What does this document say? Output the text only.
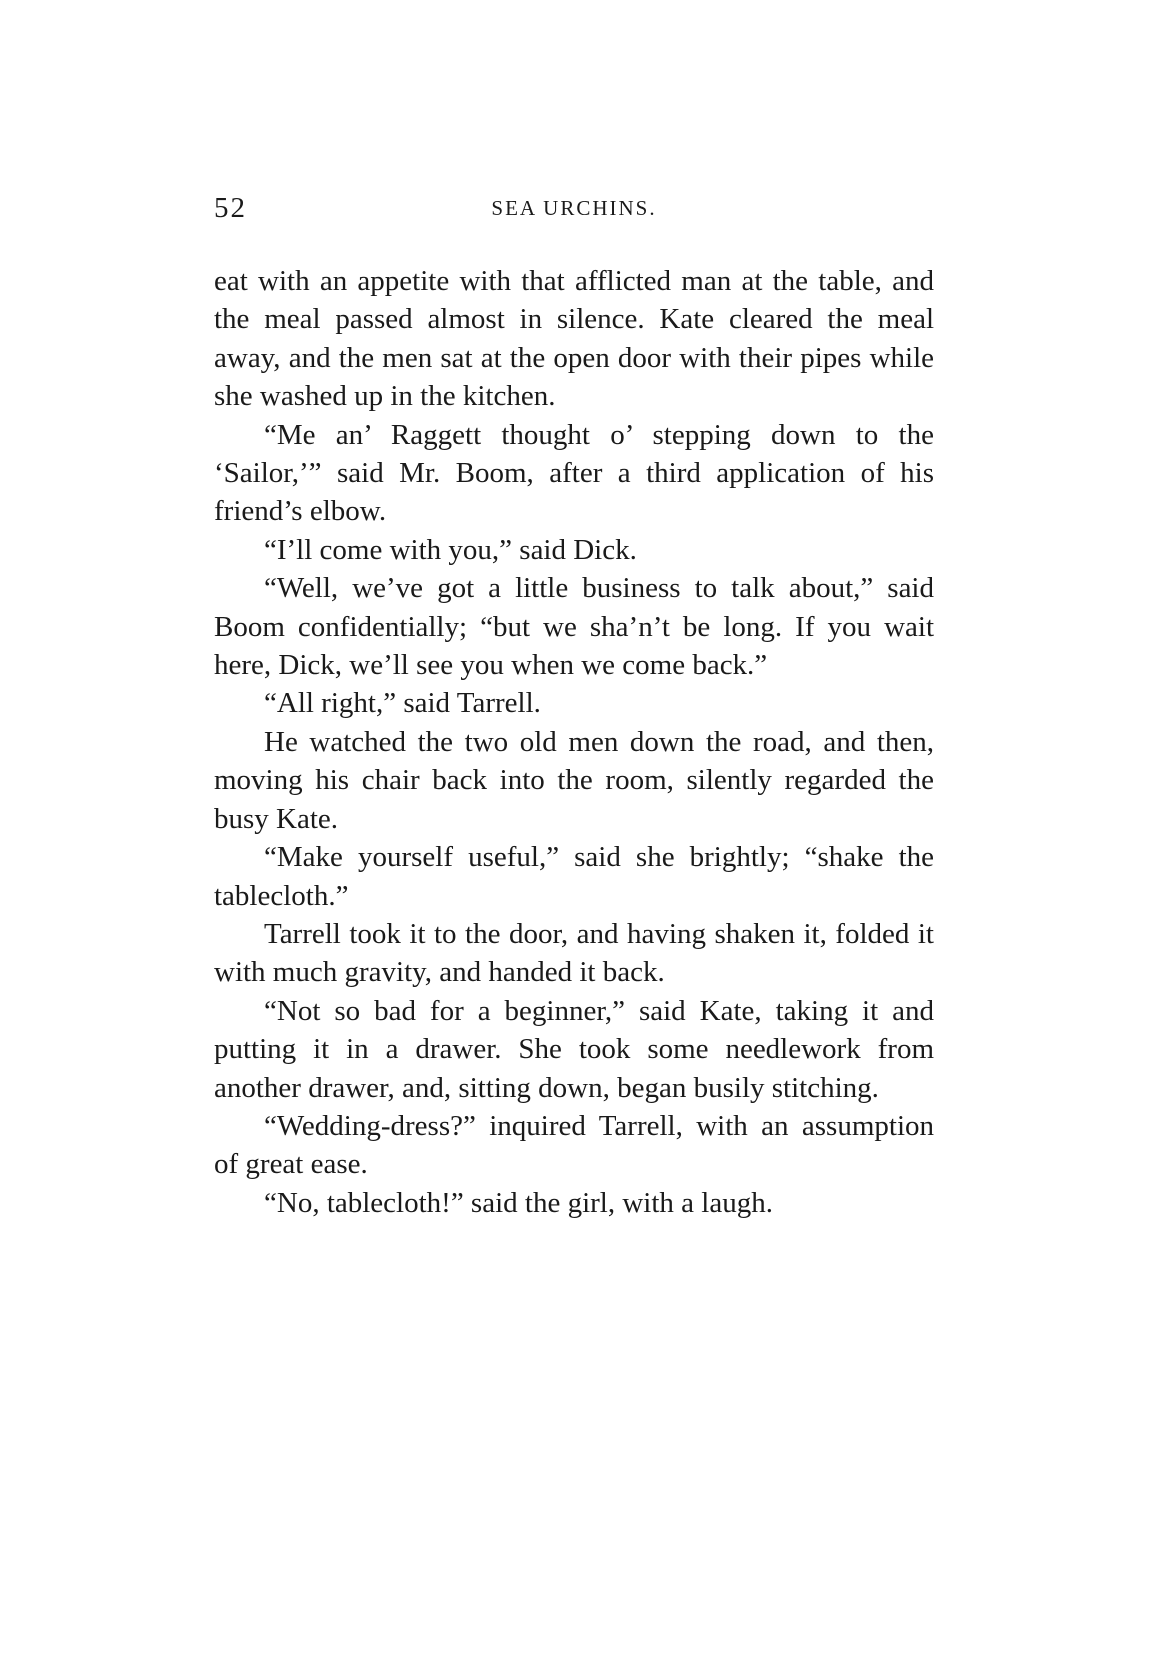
52	SEA URCHINS.

eat with an appetite with that afflicted man at the table, and the meal passed almost in silence. Kate cleared the meal away, and the men sat at the open door with their pipes while she washed up in the kitchen.

“Me an’ Raggett thought o’ stepping down to the ‘Sailor,’” said Mr. Boom, after a third application of his friend’s elbow.

“I’ll come with you,” said Dick.

“Well, we’ve got a little business to talk about,” said Boom confidentially; “but we sha’n’t be long. If you wait here, Dick, we’ll see you when we come back.”

“All right,” said Tarrell.

He watched the two old men down the road, and then, moving his chair back into the room, silently regarded the busy Kate.

“Make yourself useful,” said she brightly; “shake the tablecloth.”

Tarrell took it to the door, and having shaken it, folded it with much gravity, and handed it back.

“Not so bad for a beginner,” said Kate, taking it and putting it in a drawer. She took some needlework from another drawer, and, sitting down, began busily stitching.

“Wedding-dress?” inquired Tarrell, with an assumption of great ease.

“No, tablecloth!” said the girl, with a laugh.
